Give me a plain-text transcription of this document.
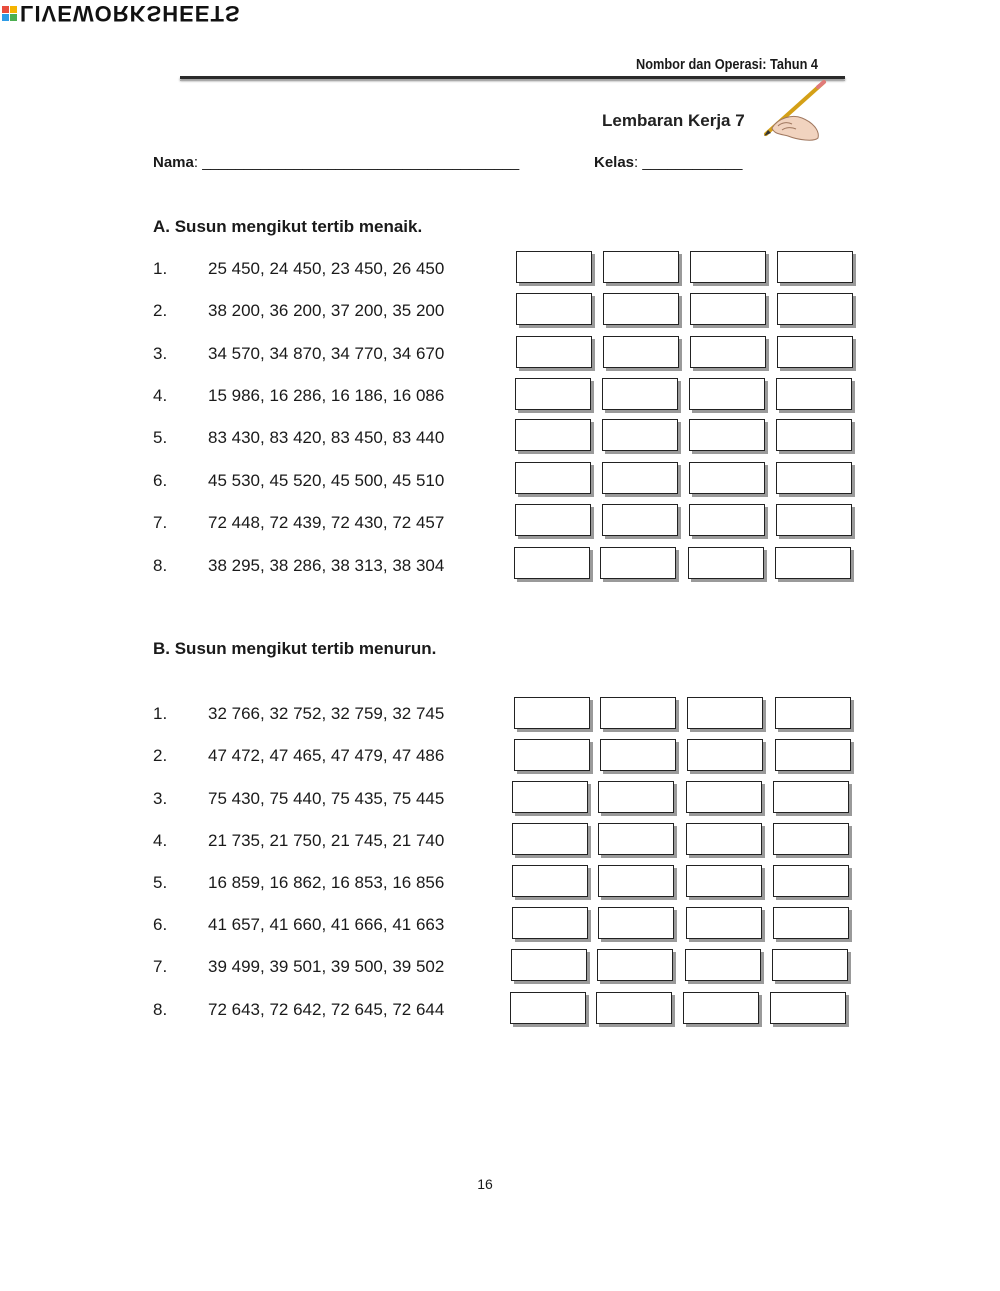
LIVEWORKSHEETS
Nombor dan Operasi: Tahun 4
Lembaran Kerja 7
Nama: ______________________________________	Kelas: ____________
A. Susun mengikut tertib menaik.
1. 25 450, 24 450, 23 450, 26 450
2. 38 200, 36 200, 37 200, 35 200
3. 34 570, 34 870, 34 770, 34 670
4. 15 986, 16 286, 16 186, 16 086
5. 83 430, 83 420, 83 450, 83 440
6. 45 530, 45 520, 45 500, 45 510
7. 72 448, 72 439, 72 430, 72 457
8. 38 295, 38 286, 38 313, 38 304
B. Susun mengikut tertib menurun.
1. 32 766, 32 752, 32 759, 32 745
2. 47 472, 47 465, 47 479, 47 486
3. 75 430, 75 440, 75 435, 75 445
4. 21 735, 21 750, 21 745, 21 740
5. 16 859, 16 862, 16 853, 16 856
6. 41 657, 41 660, 41 666, 41 663
7. 39 499, 39 501, 39 500, 39 502
8. 72 643, 72 642, 72 645, 72 644
16
